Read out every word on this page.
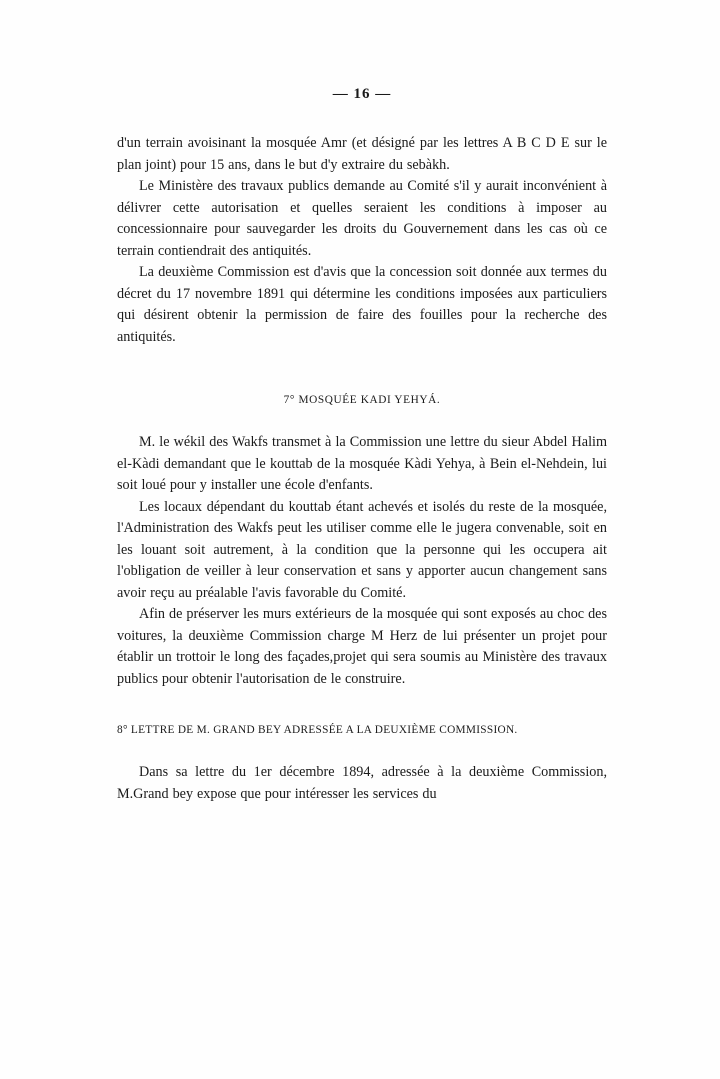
— 16 —

d'un terrain avoisinant la mosquée Amr (et désigné par les lettres A B C D E sur le plan joint) pour 15 ans, dans le but d'y extraire du sebàkh.

Le Ministère des travaux publics demande au Comité s'il y aurait inconvénient à délivrer cette autorisation et quelles seraient les conditions à imposer au concessionnaire pour sauvegarder les droits du Gouvernement dans les cas où ce terrain contiendrait des antiquités.

La deuxième Commission est d'avis que la concession soit donnée aux termes du décret du 17 novembre 1891 qui détermine les conditions imposées aux particuliers qui désirent obtenir la permission de faire des fouilles pour la recherche des antiquités.

7° MOSQUÉE KADI YEHYÁ.

M. le wékil des Wakfs transmet à la Commission une lettre du sieur Abdel Halim el-Kàdi demandant que le kouttab de la mosquée Kàdi Yehya, à Bein el-Nehdein, lui soit loué pour y installer une école d'enfants.

Les locaux dépendant du kouttab étant achevés et isolés du reste de la mosquée, l'Administration des Wakfs peut les utiliser comme elle le jugera convenable, soit en les louant soit autrement, à la condition que la personne qui les occupera ait l'obligation de veiller à leur conservation et sans y apporter aucun changement sans avoir reçu au préalable l'avis favorable du Comité.

Afin de préserver les murs extérieurs de la mosquée qui sont exposés au choc des voitures, la deuxième Commission charge M Herz de lui présenter un projet pour établir un trottoir le long des façades,projet qui sera soumis au Ministère des travaux publics pour obtenir l'autorisation de le construire.

8° LETTRE DE M. GRAND BEY ADRESSÉE A LA DEUXIÈME COMMISSION.

Dans sa lettre du 1er décembre 1894, adressée à la deuxième Commission, M.Grand bey expose que pour intéresser les services du
